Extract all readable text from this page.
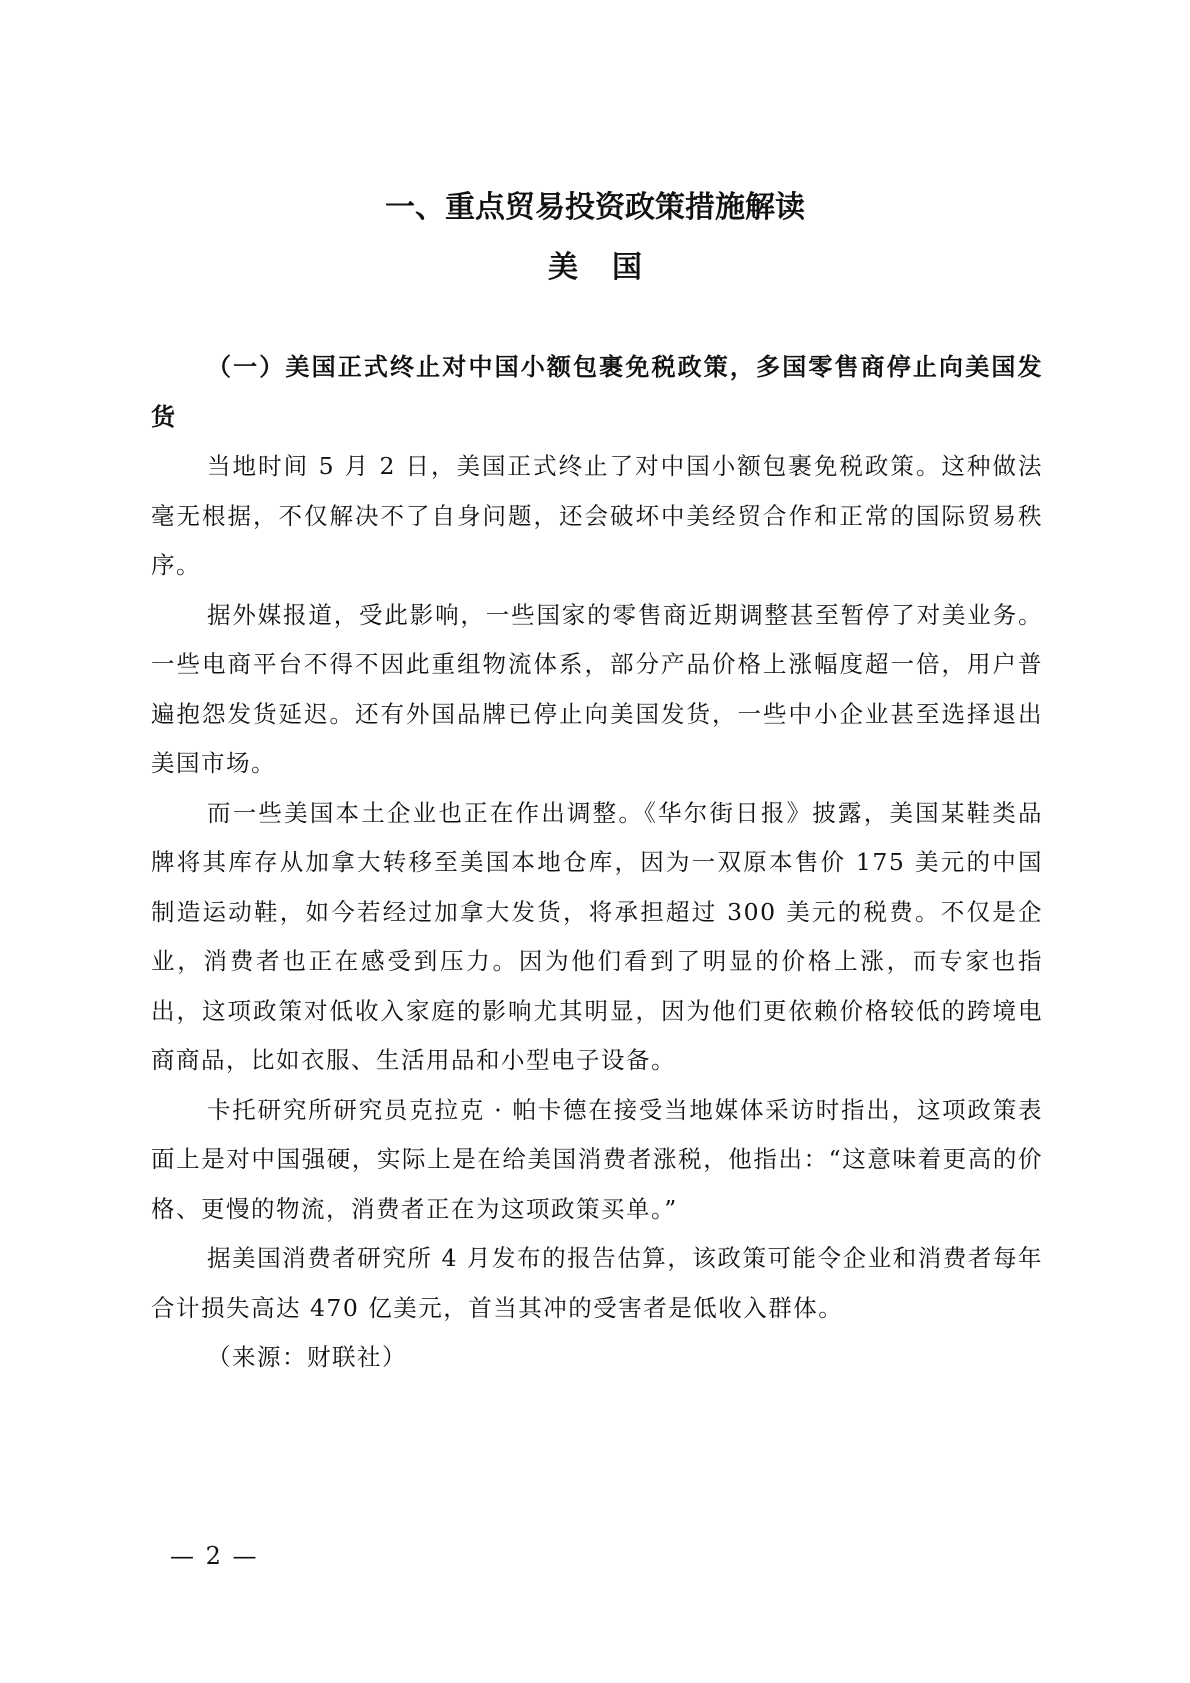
一、重点贸易投资政策措施解读
美国

（一）美国正式终止对中国小额包裹免税政策，多国零售商停止向美国发货

当地时间 5 月 2 日，美国正式终止了对中国小额包裹免税政策。这种做法毫无根据，不仅解决不了自身问题，还会破坏中美经贸合作和正常的国际贸易秩序。

据外媒报道，受此影响，一些国家的零售商近期调整甚至暂停了对美业务。一些电商平台不得不因此重组物流体系，部分产品价格上涨幅度超一倍，用户普遍抱怨发货延迟。还有外国品牌已停止向美国发货，一些中小企业甚至选择退出美国市场。

而一些美国本土企业也正在作出调整。《华尔街日报》披露，美国某鞋类品牌将其库存从加拿大转移至美国本地仓库，因为一双原本售价 175 美元的中国制造运动鞋，如今若经过加拿大发货，将承担超过 300 美元的税费。不仅是企业，消费者也正在感受到压力。因为他们看到了明显的价格上涨，而专家也指出，这项政策对低收入家庭的影响尤其明显，因为他们更依赖价格较低的跨境电商商品，比如衣服、生活用品和小型电子设备。

卡托研究所研究员克拉克 · 帕卡德在接受当地媒体采访时指出，这项政策表面上是对中国强硬，实际上是在给美国消费者涨税，他指出：“这意味着更高的价格、更慢的物流，消费者正在为这项政策买单。”

据美国消费者研究所 4 月发布的报告估算，该政策可能令企业和消费者每年合计损失高达 470 亿美元，首当其冲的受害者是低收入群体。

（来源：财联社）

— 2 —
